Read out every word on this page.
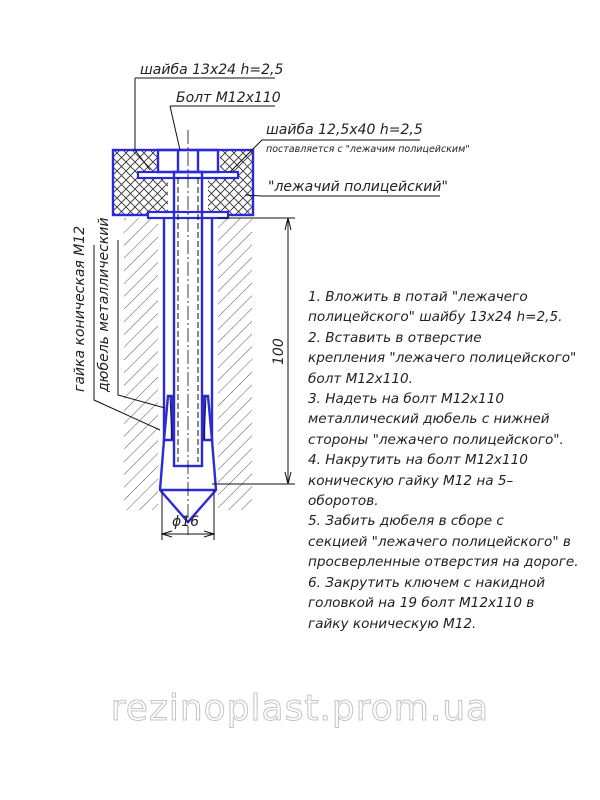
шайба 13х24 h=2,5
Болт М12х110
шайба 12,5х40 h=2,5
поставляется с "лежачим полицейским"
"лежачий полицейский"
гайка коническая М12 дюбель металлический	100
ϕ16
1. Вложить в потай "лежачего
полицейского" шайбу 13х24 h=2,5.
2. Вставить в отверстие
крепления "лежачего полицейского"
болт М12х110.
3. Надеть на болт М12х110
металлический дюбель с нижней
стороны "лежачего полицейского".
4. Накрутить на болт М12х110
коническую гайку М12 на 5–
оборотов.
5. Забить дюбеля в сборе с
секцией "лежачего полицейского" в
просверленные отверстия на дороге.
6. Закрутить ключем с накидной
головкой на 19 болт М12х110 в
гайку коническую М12.
rezinoplast.prom.ua
